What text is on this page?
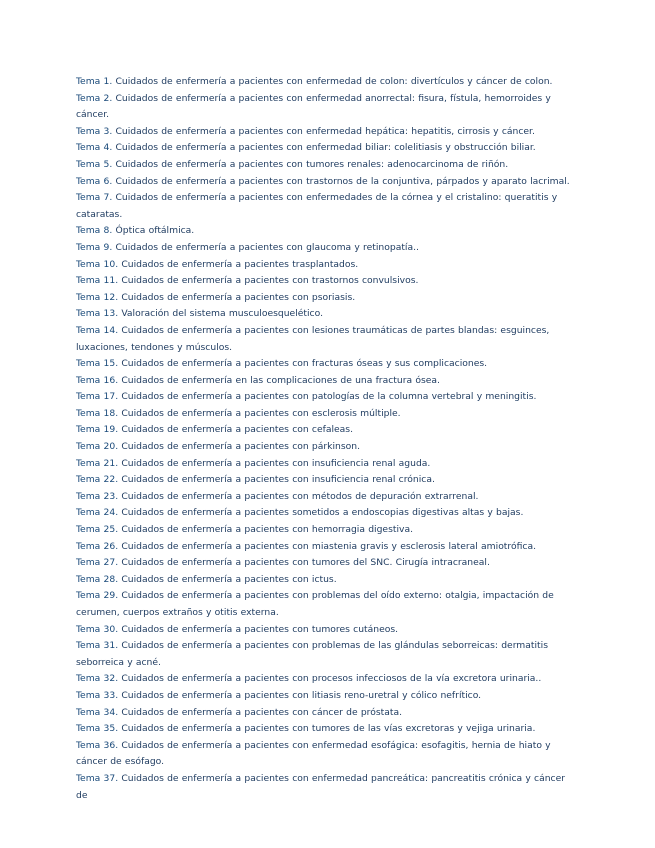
Tema 1. Cuidados de enfermería a pacientes con enfermedad de colon: divertículos y cáncer de colon.
Tema 2. Cuidados de enfermería a pacientes con enfermedad anorrectal: fisura, fístula, hemorroides y cáncer.
Tema 3. Cuidados de enfermería a pacientes con enfermedad hepática: hepatitis, cirrosis y cáncer.
Tema 4. Cuidados de enfermería a pacientes con enfermedad biliar: colelitiasis y obstrucción biliar.
Tema 5. Cuidados de enfermería a pacientes con tumores renales: adenocarcinoma de riñón.
Tema 6. Cuidados de enfermería a pacientes con trastornos de la conjuntiva, párpados y aparato lacrimal.
Tema 7. Cuidados de enfermería a pacientes con enfermedades de la córnea y el cristalino: queratitis y cataratas.
Tema 8. Óptica oftálmica.
Tema 9. Cuidados de enfermería a pacientes con glaucoma y retinopatía..
Tema 10. Cuidados de enfermería a pacientes trasplantados.
Tema 11. Cuidados de enfermería a pacientes con trastornos convulsivos.
Tema 12. Cuidados de enfermería a pacientes con psoriasis.
Tema 13. Valoración del sistema musculoesquelético.
Tema 14. Cuidados de enfermería a pacientes con lesiones traumáticas de partes blandas: esguinces, luxaciones, tendones y músculos.
Tema 15. Cuidados de enfermería a pacientes con fracturas óseas y sus complicaciones.
Tema 16. Cuidados de enfermería en las complicaciones de una fractura ósea.
Tema 17. Cuidados de enfermería a pacientes con patologías de la columna vertebral y meningitis.
Tema 18. Cuidados de enfermería a pacientes con esclerosis múltiple.
Tema 19. Cuidados de enfermería a pacientes con cefaleas.
Tema 20. Cuidados de enfermería a pacientes con párkinson.
Tema 21. Cuidados de enfermería a pacientes con insuficiencia renal aguda.
Tema 22. Cuidados de enfermería a pacientes con insuficiencia renal crónica.
Tema 23. Cuidados de enfermería a pacientes con métodos de depuración extrarrenal.
Tema 24. Cuidados de enfermería a pacientes sometidos a endoscopias digestivas altas y bajas.
Tema 25. Cuidados de enfermería a pacientes con hemorragia digestiva.
Tema 26. Cuidados de enfermería a pacientes con miastenia gravis y esclerosis lateral amiotrófica.
Tema 27. Cuidados de enfermería a pacientes con tumores del SNC. Cirugía intracraneal.
Tema 28. Cuidados de enfermería a pacientes con ictus.
Tema 29. Cuidados de enfermería a pacientes con problemas del oído externo: otalgia, impactación de cerumen, cuerpos extraños y otitis externa.
Tema 30. Cuidados de enfermería a pacientes con tumores cutáneos.
Tema 31. Cuidados de enfermería a pacientes con problemas de las glándulas seborreicas: dermatitis seborreica y acné.
Tema 32. Cuidados de enfermería a pacientes con procesos infecciosos de la vía excretora urinaria..
Tema 33. Cuidados de enfermería a pacientes con litiasis reno-uretral y cólico nefrítico.
Tema 34. Cuidados de enfermería a pacientes con cáncer de próstata.
Tema 35. Cuidados de enfermería a pacientes con tumores de las vías excretoras y vejiga urinaria.
Tema 36. Cuidados de enfermería a pacientes con enfermedad esofágica: esofagitis, hernia de hiato y cáncer de esófago.
Tema 37. Cuidados de enfermería a pacientes con enfermedad pancreática: pancreatitis crónica y cáncer de
